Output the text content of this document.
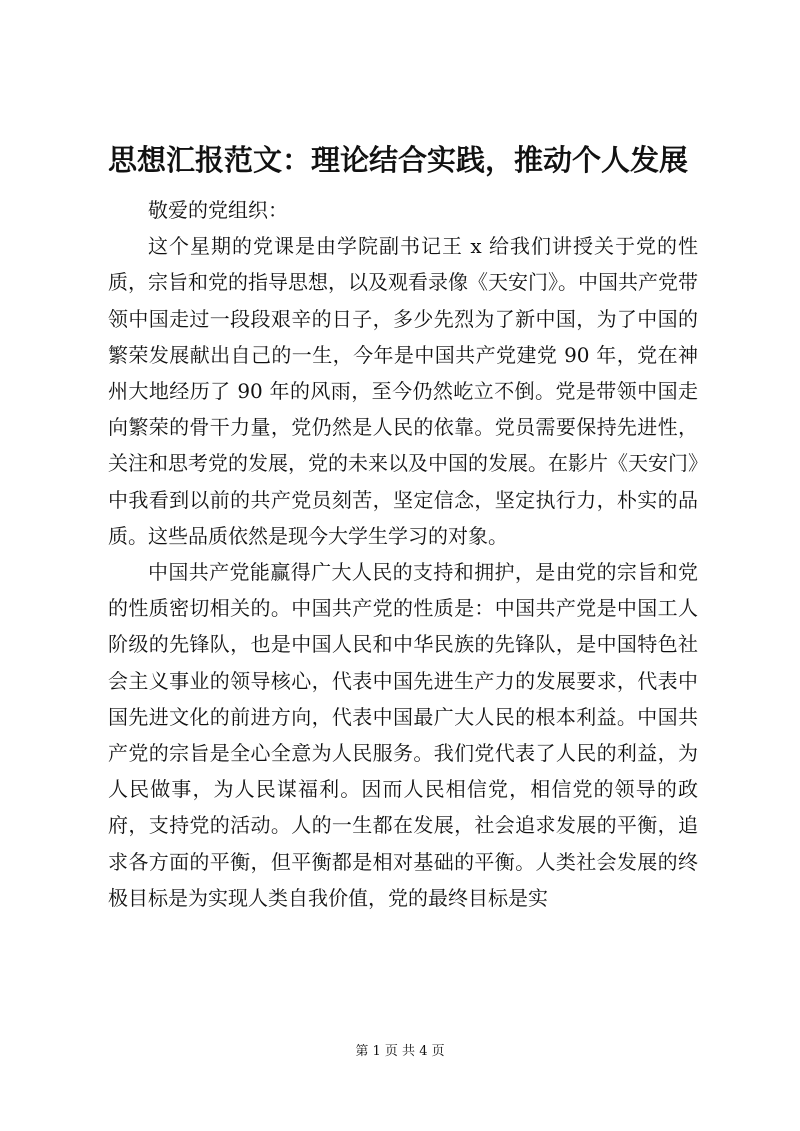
思想汇报范文：理论结合实践，推动个人发展

敬爱的党组织：

这个星期的党课是由学院副书记王 x 给我们讲授关于党的性质，宗旨和党的指导思想，以及观看录像《天安门》。中国共产党带领中国走过一段段艰辛的日子，多少先烈为了新中国，为了中国的繁荣发展献出自己的一生，今年是中国共产党建党 90 年，党在神州大地经历了 90 年的风雨，至今仍然屹立不倒。党是带领中国走向繁荣的骨干力量，党仍然是人民的依靠。党员需要保持先进性，关注和思考党的发展，党的未来以及中国的发展。在影片《天安门》中我看到以前的共产党员刻苦，坚定信念，坚定执行力，朴实的品质。这些品质依然是现今大学生学习的对象。

中国共产党能赢得广大人民的支持和拥护，是由党的宗旨和党的性质密切相关的。中国共产党的性质是：中国共产党是中国工人阶级的先锋队，也是中国人民和中华民族的先锋队，是中国特色社会主义事业的领导核心，代表中国先进生产力的发展要求，代表中国先进文化的前进方向，代表中国最广大人民的根本利益。中国共产党的宗旨是全心全意为人民服务。我们党代表了人民的利益，为人民做事，为人民谋福利。因而人民相信党，相信党的领导的政府，支持党的活动。人的一生都在发展，社会追求发展的平衡，追求各方面的平衡，但平衡都是相对基础的平衡。人类社会发展的终极目标是为实现人类自我价值，党的最终目标是实

第 1 页 共 4 页
